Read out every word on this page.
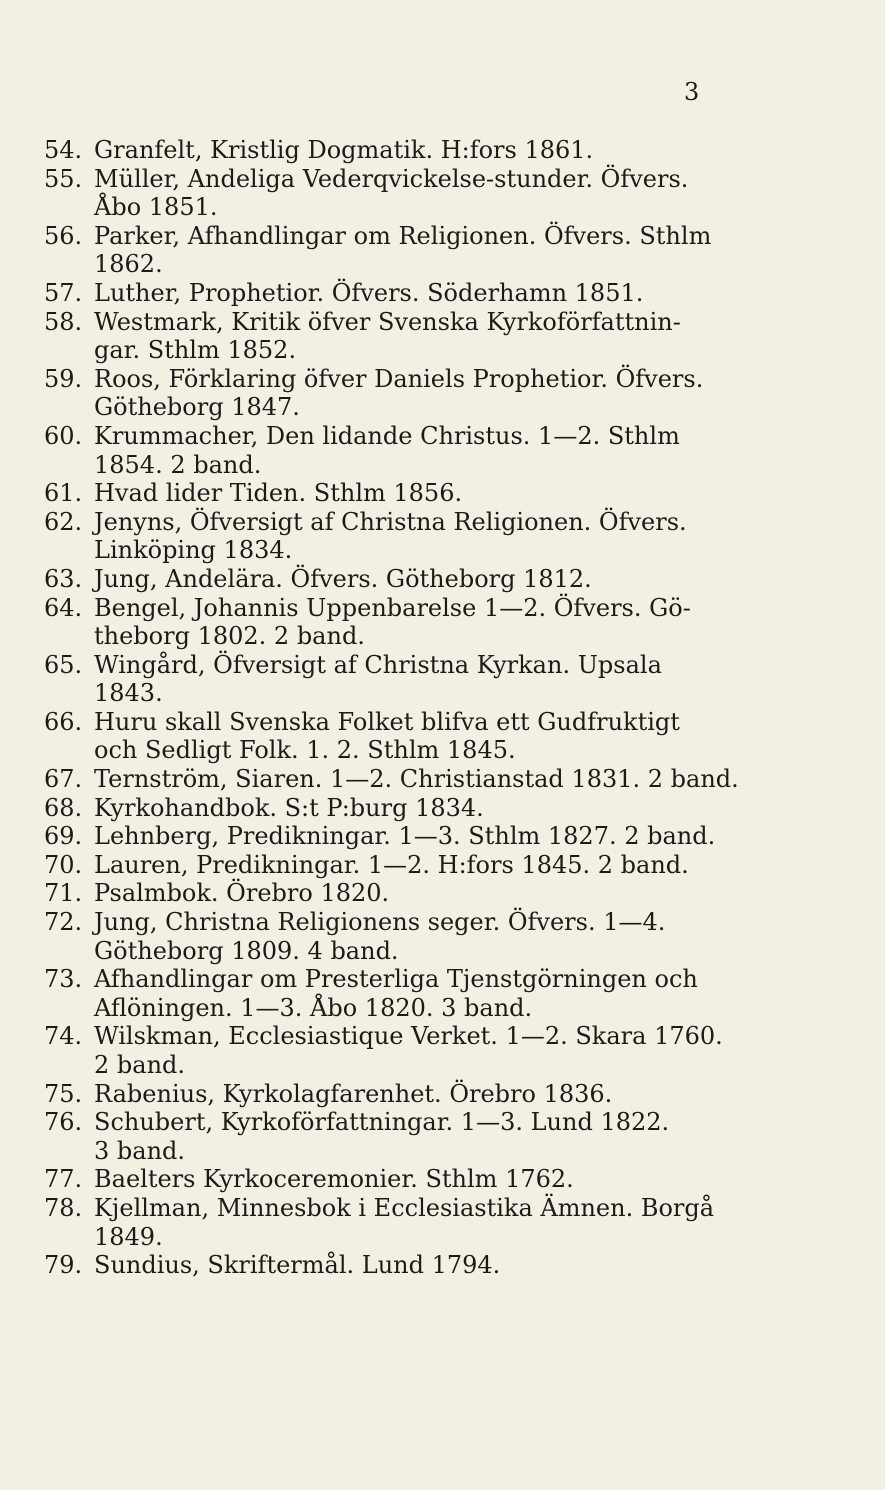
3
54. Granfelt, Kristlig Dogmatik. H:fors 1861.
55. Müller, Andeliga Vederqvickelse-stunder. Öfvers.
Åbo 1851.
56. Parker, Afhandlingar om Religionen. Öfvers. Sthlm
1862.
57. Luther, Prophetior. Öfvers. Söderhamn 1851.
58. Westmark, Kritik öfver Svenska Kyrkoförfattnin-
gar. Sthlm 1852.
59. Roos, Förklaring öfver Daniels Prophetior. Öfvers.
Götheborg 1847.
60. Krummacher, Den lidande Christus. 1—2. Sthlm
1854. 2 band.
61. Hvad lider Tiden. Sthlm 1856.
62. Jenyns, Öfversigt af Christna Religionen. Öfvers.
Linköping 1834.
63. Jung, Andelära. Öfvers. Götheborg 1812.
64. Bengel, Johannis Uppenbarelse 1—2. Öfvers. Gö-
theborg 1802. 2 band.
65. Wingård, Öfversigt af Christna Kyrkan. Upsala
1843.
66. Huru skall Svenska Folket blifva ett Gudfruktigt
och Sedligt Folk. 1. 2. Sthlm 1845.
67. Ternström, Siaren. 1—2. Christianstad 1831. 2 band.
68. Kyrkohandbok. S:t P:burg 1834.
69. Lehnberg, Predikningar. 1—3. Sthlm 1827. 2 band.
70. Lauren, Predikningar. 1—2. H:fors 1845. 2 band.
71. Psalmbok. Örebro 1820.
72. Jung, Christna Religionens seger. Öfvers. 1—4.
Götheborg 1809. 4 band.
73. Afhandlingar om Presterliga Tjenstgörningen och
Aflöningen. 1—3. Åbo 1820. 3 band.
74. Wilskman, Ecclesiastique Verket. 1—2. Skara 1760.
2 band.
75. Rabenius, Kyrkolagfarenhet. Örebro 1836.
76. Schubert, Kyrkoförfattningar. 1—3. Lund 1822.
3 band.
77. Baelters Kyrkoceremonier. Sthlm 1762.
78. Kjellman, Minnesbok i Ecclesiastika Ämnen. Borgå
1849.
79. Sundius, Skriftermål. Lund 1794.
